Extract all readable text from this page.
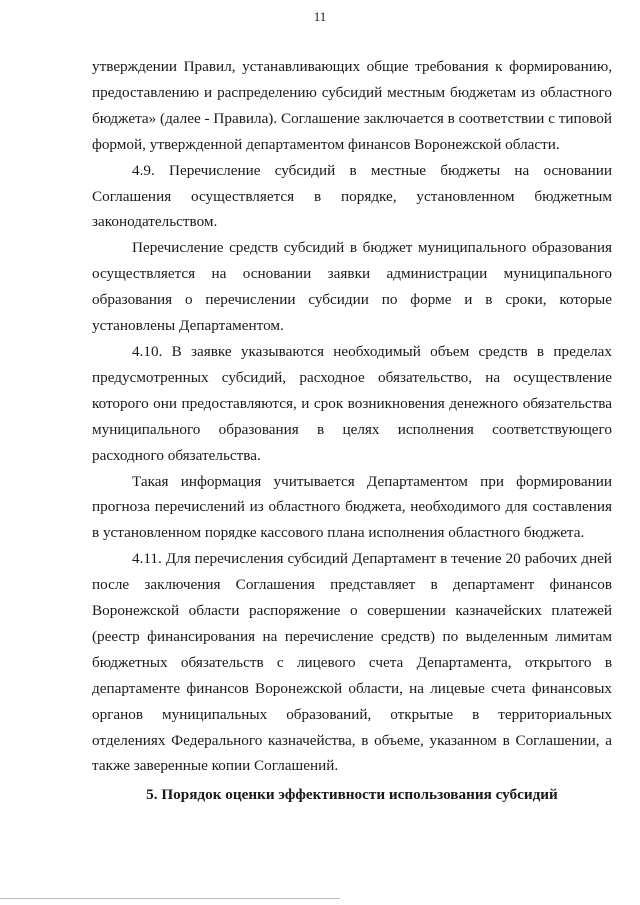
11

утверждении Правил, устанавливающих общие требования к формированию, предоставлению и распределению субсидий местным бюджетам из областного бюджета» (далее - Правила). Соглашение заключается в соответствии с типовой формой, утвержденной департаментом финансов Воронежской области.

4.9. Перечисление субсидий в местные бюджеты на основании Соглашения осуществляется в порядке, установленном бюджетным законодательством.

Перечисление средств субсидий в бюджет муниципального образования осуществляется на основании заявки администрации муниципального образования о перечислении субсидии по форме и в сроки, которые установлены Департаментом.

4.10. В заявке указываются необходимый объем средств в пределах предусмотренных субсидий, расходное обязательство, на осуществление которого они предоставляются, и срок возникновения денежного обязательства муниципального образования в целях исполнения соответствующего расходного обязательства.

Такая информация учитывается Департаментом при формировании прогноза перечислений из областного бюджета, необходимого для составления в установленном порядке кассового плана исполнения областного бюджета.

4.11. Для перечисления субсидий Департамент в течение 20 рабочих дней после заключения Соглашения представляет в департамент финансов Воронежской области распоряжение о совершении казначейских платежей (реестр финансирования на перечисление средств) по выделенным лимитам бюджетных обязательств с лицевого счета Департамента, открытого в департаменте финансов Воронежской области, на лицевые счета финансовых органов муниципальных образований, открытые в территориальных отделениях Федерального казначейства, в объеме, указанном в Соглашении, а также заверенные копии Соглашений.

5. Порядок оценки эффективности использования субсидий
